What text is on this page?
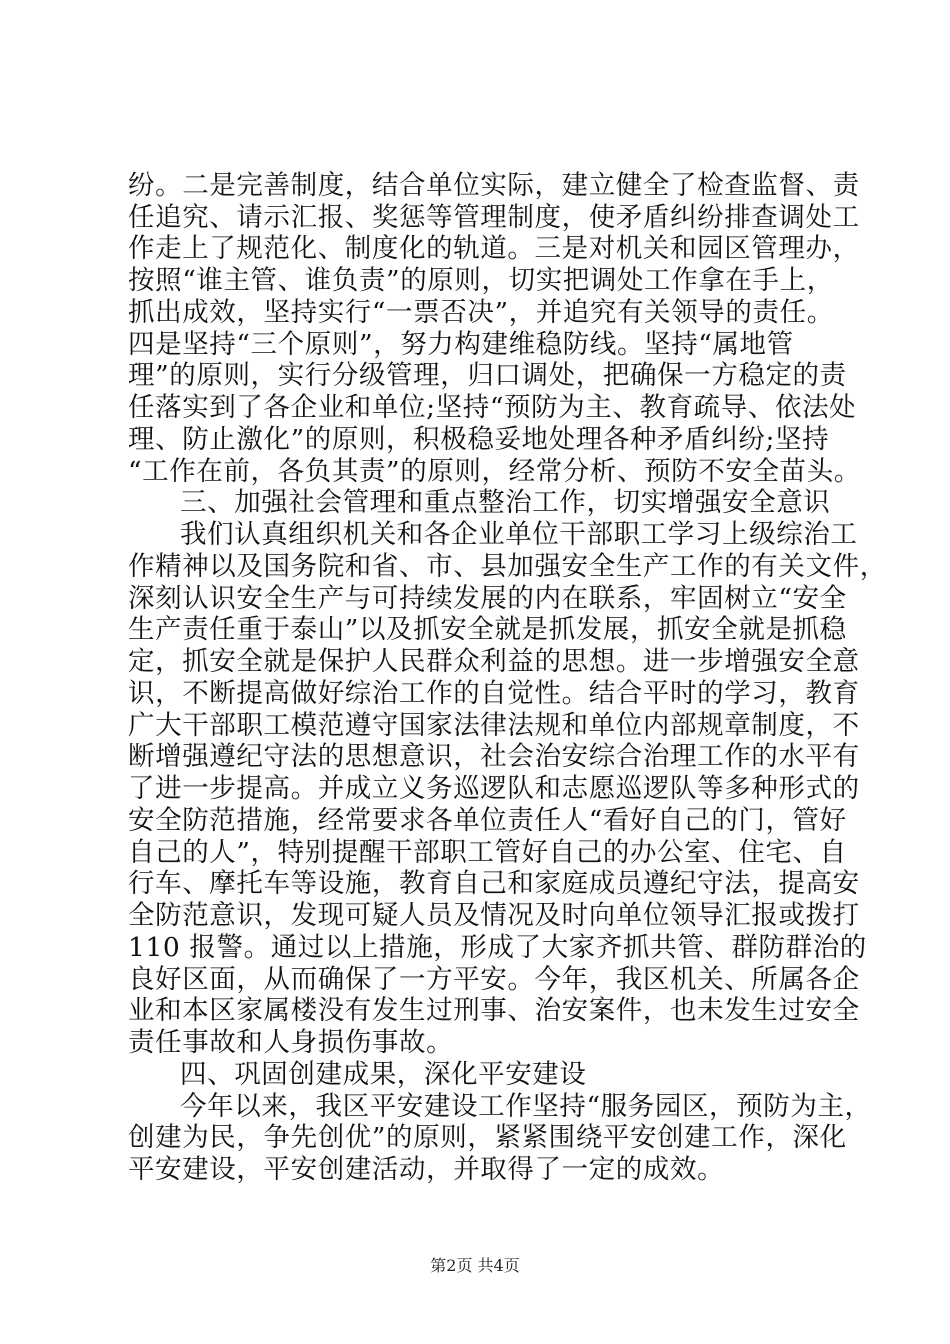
纷。二是完善制度，结合单位实际，建立健全了检查监督、责
任追究、请示汇报、奖惩等管理制度，使矛盾纠纷排查调处工
作走上了规范化、制度化的轨道。三是对机关和园区管理办，
按照“谁主管、谁负责”的原则，切实把调处工作拿在手上，
抓出成效，坚持实行“一票否决”，并追究有关领导的责任。
四是坚持“三个原则”，努力构建维稳防线。坚持“属地管
理”的原则，实行分级管理，归口调处，把确保一方稳定的责
任落实到了各企业和单位;坚持“预防为主、教育疏导、依法处
理、防止激化”的原则，积极稳妥地处理各种矛盾纠纷;坚持
“工作在前，各负其责”的原则，经常分析、预防不安全苗头。
三、加强社会管理和重点整治工作，切实增强安全意识
我们认真组织机关和各企业单位干部职工学习上级综治工
作精神以及国务院和省、市、县加强安全生产工作的有关文件，
深刻认识安全生产与可持续发展的内在联系，牢固树立“安全
生产责任重于泰山”以及抓安全就是抓发展，抓安全就是抓稳
定，抓安全就是保护人民群众利益的思想。进一步增强安全意
识，不断提高做好综治工作的自觉性。结合平时的学习，教育
广大干部职工模范遵守国家法律法规和单位内部规章制度，不
断增强遵纪守法的思想意识，社会治安综合治理工作的水平有
了进一步提高。并成立义务巡逻队和志愿巡逻队等多种形式的
安全防范措施，经常要求各单位责任人“看好自己的门，管好
自己的人”，特别提醒干部职工管好自己的办公室、住宅、自
行车、摩托车等设施，教育自己和家庭成员遵纪守法，提高安
全防范意识，发现可疑人员及情况及时向单位领导汇报或拨打
110 报警。通过以上措施，形成了大家齐抓共管、群防群治的
良好区面，从而确保了一方平安。今年，我区机关、所属各企
业和本区家属楼没有发生过刑事、治安案件，也未发生过安全
责任事故和人身损伤事故。
四、巩固创建成果，深化平安建设
今年以来，我区平安建设工作坚持“服务园区，预防为主，
创建为民，争先创优”的原则，紧紧围绕平安创建工作，深化
平安建设，平安创建活动，并取得了一定的成效。
第2页 共4页
